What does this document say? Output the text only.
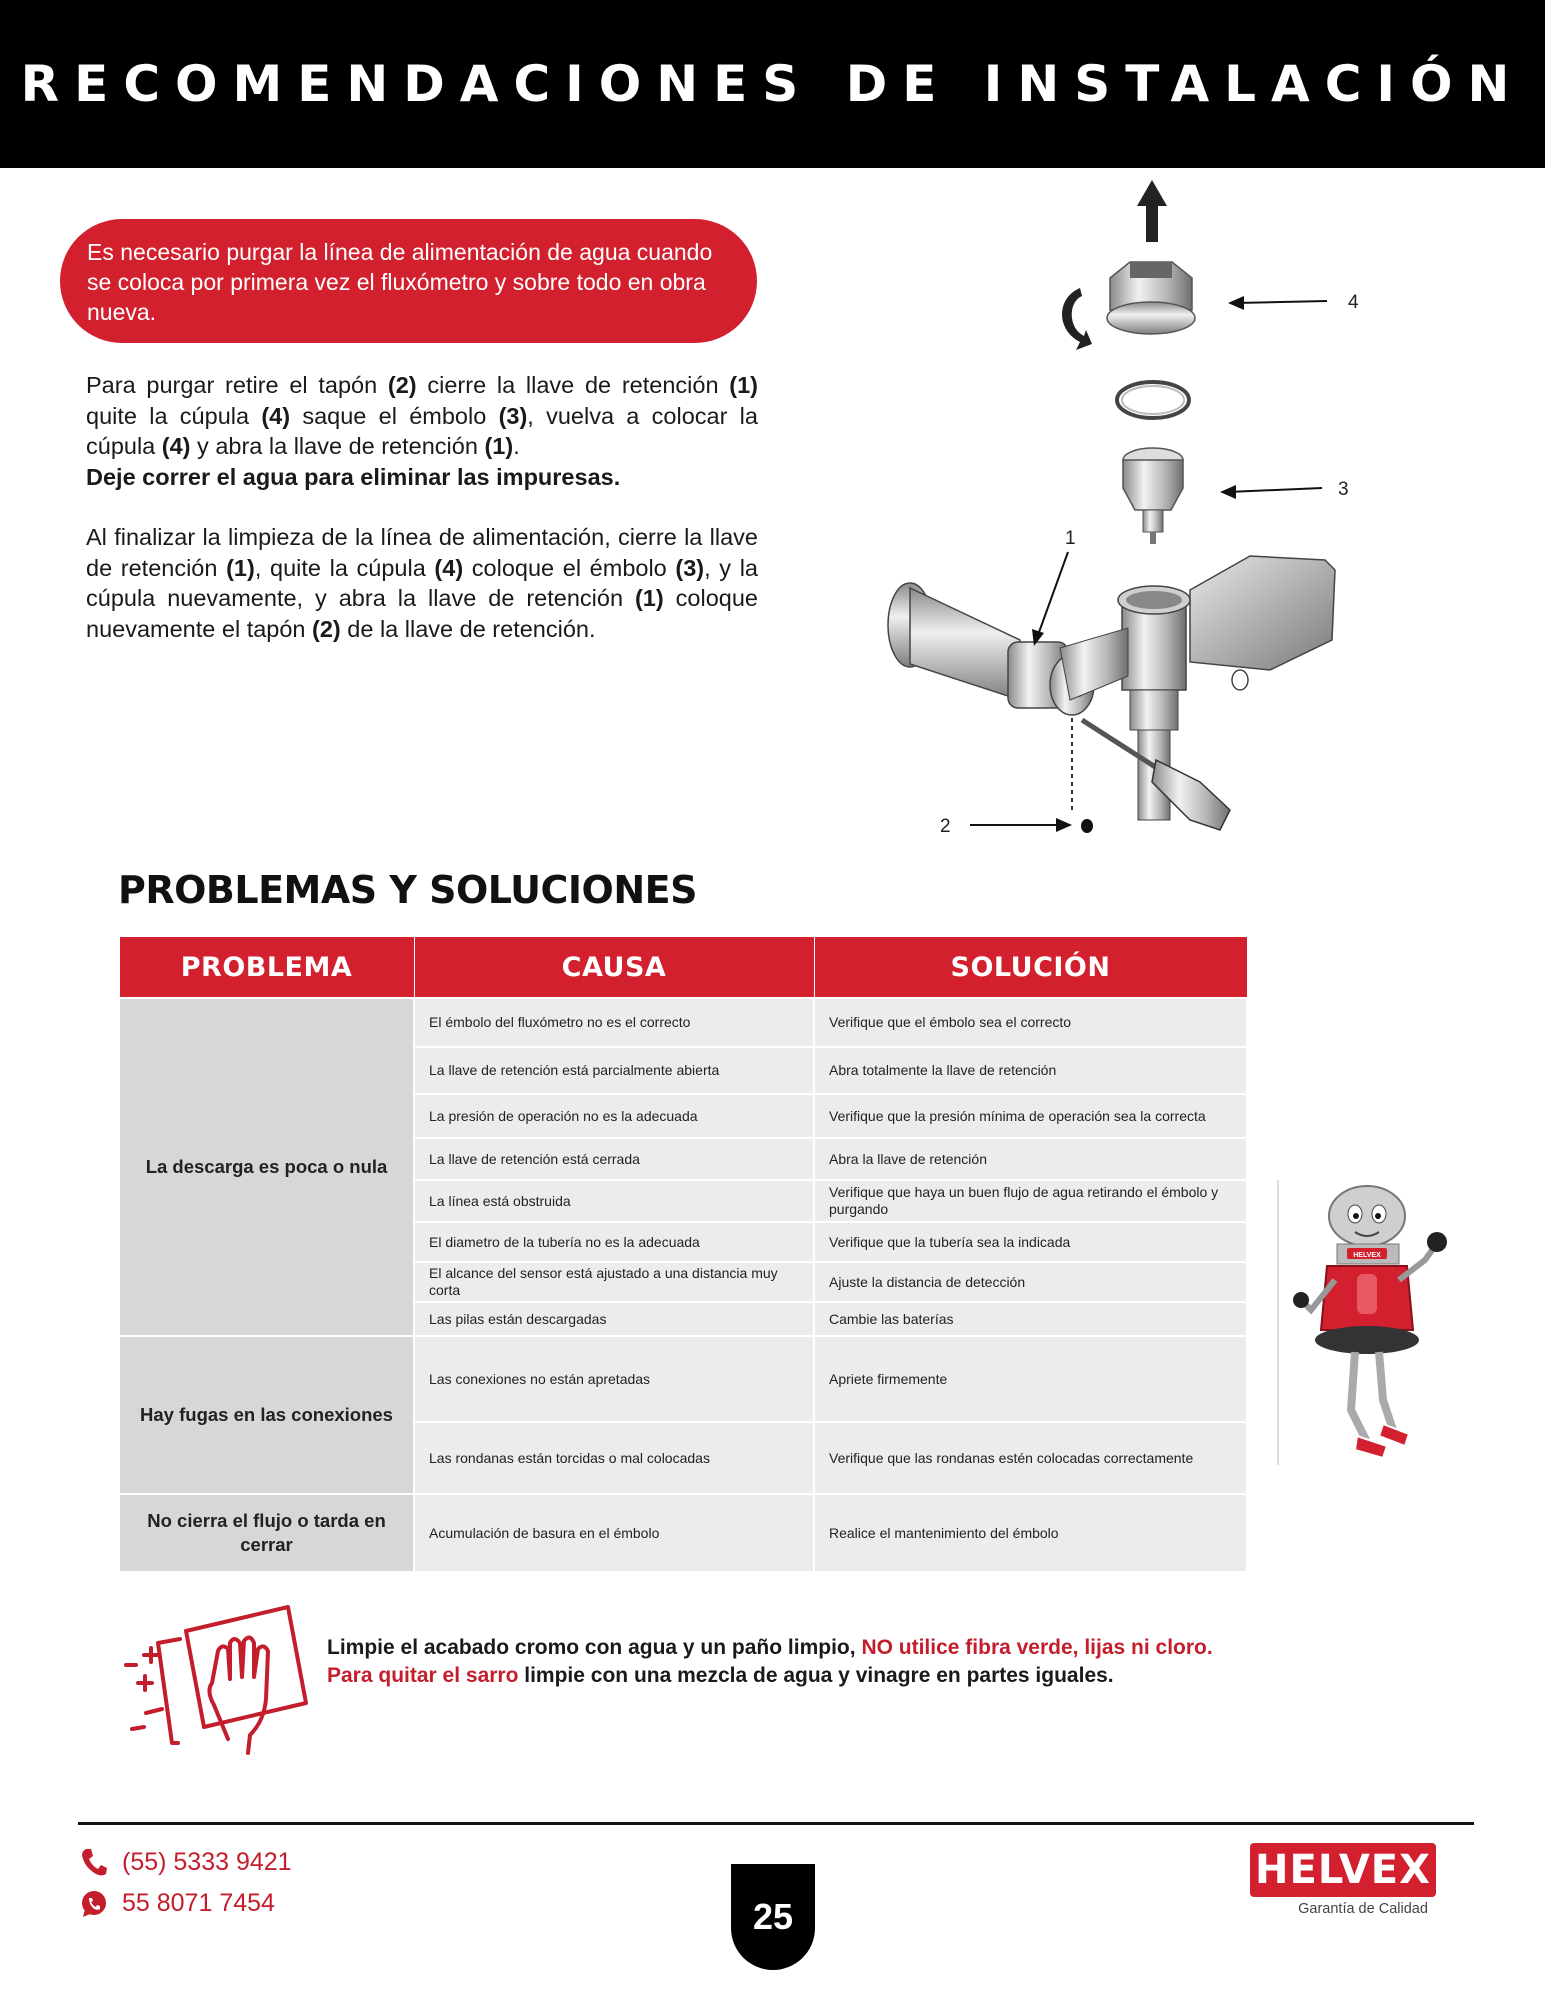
RECOMENDACIONES DE INSTALACIÓN
Es necesario purgar la línea de alimentación de agua cuando se coloca por primera vez el fluxómetro y sobre todo en obra nueva.

Para purgar retire el tapón (2) cierre la llave de retención (1) quite la cúpula (4) saque el émbolo (3), vuelva a colocar la cúpula (4) y abra la llave de retención (1).
Deje correr el agua para eliminar las impuresas.

Al finalizar la limpieza de la línea de alimentación, cierre la llave de retención (1), quite la cúpula (4) coloque el émbolo (3), y la cúpula nuevamente, y abra la llave de retención (1) coloque nuevamente el tapón (2) de la llave de retención.

4
3
2
1
PROBLEMAS Y SOLUCIONES
PROBLEMA	CAUSA	SOLUCIÓN
La descarga es poca o nula	El émbolo del fluxómetro no es el correcto	Verifique que el émbolo sea el correcto
	La llave de retención está parcialmente abierta	Abra totalmente la llave de retención
	La presión de operación no es la adecuada	Verifique que la presión mínima de operación sea la correcta
	La llave de retención está cerrada	Abra la llave de retención
	La línea está obstruida	Verifique que haya un buen flujo de agua retirando el émbolo y purgando
	El diametro de la tubería no es la adecuada	Verifique que la tubería sea la indicada
	El alcance del sensor está ajustado a una distancia muy corta	Ajuste la distancia de detección
	Las pilas están descargadas	Cambie las baterías
Hay fugas en las conexiones	Las conexiones no están apretadas	Apriete firmemente
	Las rondanas están torcidas o mal colocadas	Verifique que las rondanas estén colocadas correctamente
No cierra el flujo o tarda en cerrar	Acumulación de basura en el émbolo	Realice el mantenimiento del émbolo
HELVEX
Limpie el acabado cromo con agua y un paño limpio, NO utilice fibra verde, lijas ni cloro.
Para quitar el sarro limpie con una mezcla de agua y vinagre en partes iguales.
(55) 5333 9421
55 8071 7454	25
HELVEX
Garantía de Calidad
